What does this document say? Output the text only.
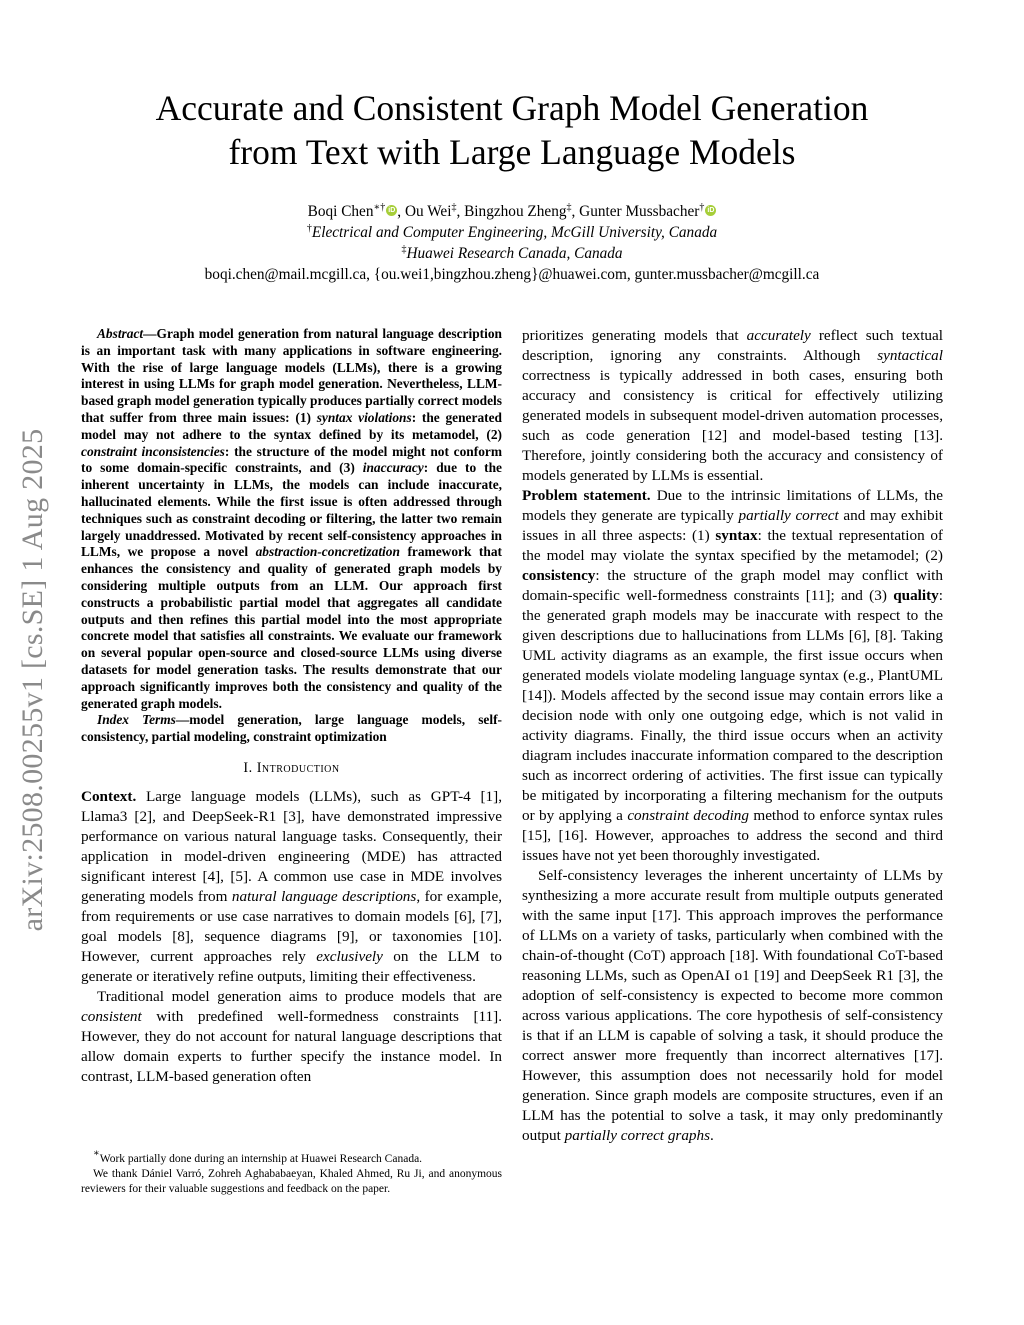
arXiv:2508.00255v1 [cs.SE] 1 Aug 2025
Accurate and Consistent Graph Model Generation
from Text with Large Language Models
Boqi Chen∗† iD , Ou Wei‡, Bingzhou Zheng‡, Gunter Mussbacher† iD
†Electrical and Computer Engineering, McGill University, Canada
‡Huawei Research Canada, Canada
boqi.chen@mail.mcgill.ca, {ou.wei1,bingzhou.zheng}@huawei.com, gunter.mussbacher@mcgill.ca

Abstract—Graph model generation from natural language description is an important task with many applications in software engineering. With the rise of large language models (LLMs), there is a growing interest in using LLMs for graph model generation. Nevertheless, LLM-based graph model generation typically produces partially correct models that suffer from three main issues: (1) syntax violations: the generated model may not adhere to the syntax defined by its metamodel, (2) constraint inconsistencies: the structure of the model might not conform to some domain-specific constraints, and (3) inaccuracy: due to the inherent uncertainty in LLMs, the models can include inaccurate, hallucinated elements. While the first issue is often addressed through techniques such as constraint decoding or filtering, the latter two remain largely unaddressed. Motivated by recent self-consistency approaches in LLMs, we propose a novel abstraction-concretization framework that enhances the consistency and quality of generated graph models by considering multiple outputs from an LLM. Our approach first constructs a probabilistic partial model that aggregates all candidate outputs and then refines this partial model into the most appropriate concrete model that satisfies all constraints. We evaluate our framework on several popular open-source and closed-source LLMs using diverse datasets for model generation tasks. The results demonstrate that our approach significantly improves both the consistency and quality of the generated graph models.

Index Terms—model generation, large language models, self-consistency, partial modeling, constraint optimization

I. Introduction

Context. Large language models (LLMs), such as GPT-4 [1], Llama3 [2], and DeepSeek-R1 [3], have demonstrated impressive performance on various natural language tasks. Consequently, their application in model-driven engineering (MDE) has attracted significant interest [4], [5]. A common use case in MDE involves generating models from natural language descriptions, for example, from requirements or use case narratives to domain models [6], [7], goal models [8], sequence diagrams [9], or taxonomies [10]. However, current approaches rely exclusively on the LLM to generate or iteratively refine outputs, limiting their effectiveness.

Traditional model generation aims to produce models that are consistent with predefined well-formedness constraints [11]. However, they do not account for natural language descriptions that allow domain experts to further specify the instance model. In contrast, LLM-based generation often

∗Work partially done during an internship at Huawei Research Canada.

We thank Dániel Varró, Zohreh Aghababaeyan, Khaled Ahmed, Ru Ji, and anonymous reviewers for their valuable suggestions and feedback on the paper.

prioritizes generating models that accurately reflect such textual description, ignoring any constraints. Although syntactical correctness is typically addressed in both cases, ensuring both accuracy and consistency is critical for effectively utilizing generated models in subsequent model-driven automation processes, such as code generation [12] and model-based testing [13]. Therefore, jointly considering both the accuracy and consistency of models generated by LLMs is essential.

Problem statement. Due to the intrinsic limitations of LLMs, the models they generate are typically partially correct and may exhibit issues in all three aspects: (1) syntax: the textual representation of the model may violate the syntax specified by the metamodel; (2) consistency: the structure of the graph model may conflict with domain-specific well-formedness constraints [11]; and (3) quality: the generated graph models may be inaccurate with respect to the given descriptions due to hallucinations from LLMs [6], [8]. Taking UML activity diagrams as an example, the first issue occurs when generated models violate modeling language syntax (e.g., PlantUML [14]). Models affected by the second issue may contain errors like a decision node with only one outgoing edge, which is not valid in activity diagrams. Finally, the third issue occurs when an activity diagram includes inaccurate information compared to the description such as incorrect ordering of activities. The first issue can typically be mitigated by incorporating a filtering mechanism for the outputs or by applying a constraint decoding method to enforce syntax rules [15], [16]. However, approaches to address the second and third issues have not yet been thoroughly investigated.

Self-consistency leverages the inherent uncertainty of LLMs by synthesizing a more accurate result from multiple outputs generated with the same input [17]. This approach improves the performance of LLMs on a variety of tasks, particularly when combined with the chain-of-thought (CoT) approach [18]. With foundational CoT-based reasoning LLMs, such as OpenAI o1 [19] and DeepSeek R1 [3], the adoption of self-consistency is expected to become more common across various applications. The core hypothesis of self-consistency is that if an LLM is capable of solving a task, it should produce the correct answer more frequently than incorrect alternatives [17]. However, this assumption does not necessarily hold for model generation. Since graph models are composite structures, even if an LLM has the potential to solve a task, it may only predominantly output partially correct graphs.
